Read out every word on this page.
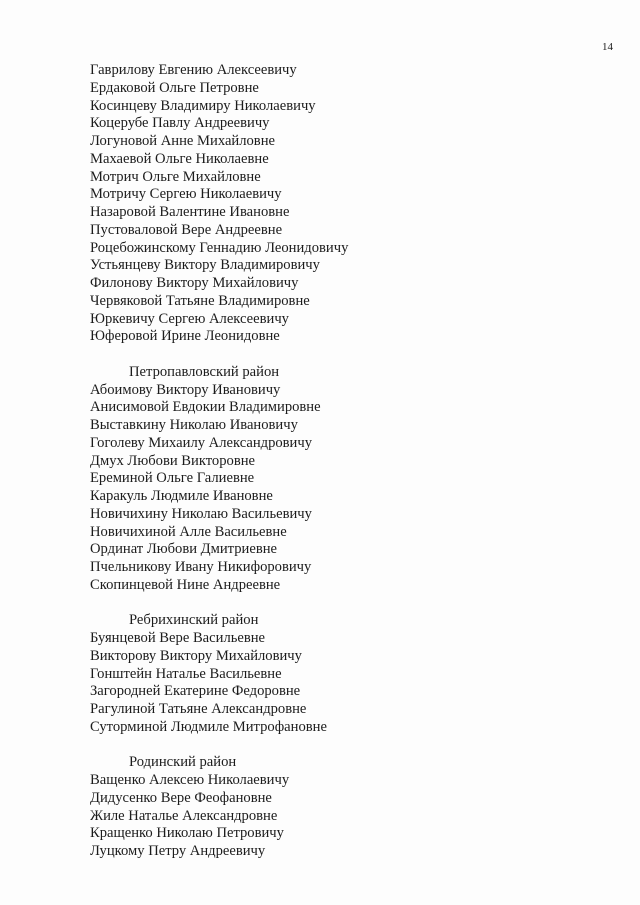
14
Гаврилову Евгению Алексеевичу
Ердаковой Ольге Петровне
Косинцеву Владимиру Николаевичу
Коцерубе Павлу Андреевичу
Логуновой Анне Михайловне
Махаевой Ольге Николаевне
Мотрич Ольге Михайловне
Мотричу Сергею Николаевичу
Назаровой Валентине Ивановне
Пустоваловой Вере Андреевне
Роцебожинскому Геннадию Леонидовичу
Устьянцеву Виктору Владимировичу
Филонову Виктору Михайловичу
Червяковой Татьяне Владимировне
Юркевичу Сергею Алексеевичу
Юферовой Ирине Леонидовне
Петропавловский район
Абоимову Виктору Ивановичу
Анисимовой Евдокии Владимировне
Выставкину Николаю Ивановичу
Гоголеву Михаилу Александровичу
Дмух Любови Викторовне
Ереминой Ольге Галиевне
Каракуль Людмиле Ивановне
Новичихину Николаю Васильевичу
Новичихиной Алле Васильевне
Ординат Любови Дмитриевне
Пчельникову Ивану Никифоровичу
Скопинцевой Нине Андреевне
Ребрихинский район
Буянцевой Вере Васильевне
Викторову Виктору Михайловичу
Гонштейн Наталье Васильевне
Загородней Екатерине Федоровне
Рагулиной Татьяне Александровне
Суторминой Людмиле Митрофановне
Родинский район
Ващенко Алексею Николаевичу
Дидусенко Вере Феофановне
Жиле Наталье Александровне
Кращенко Николаю Петровичу
Луцкому Петру Андреевичу
